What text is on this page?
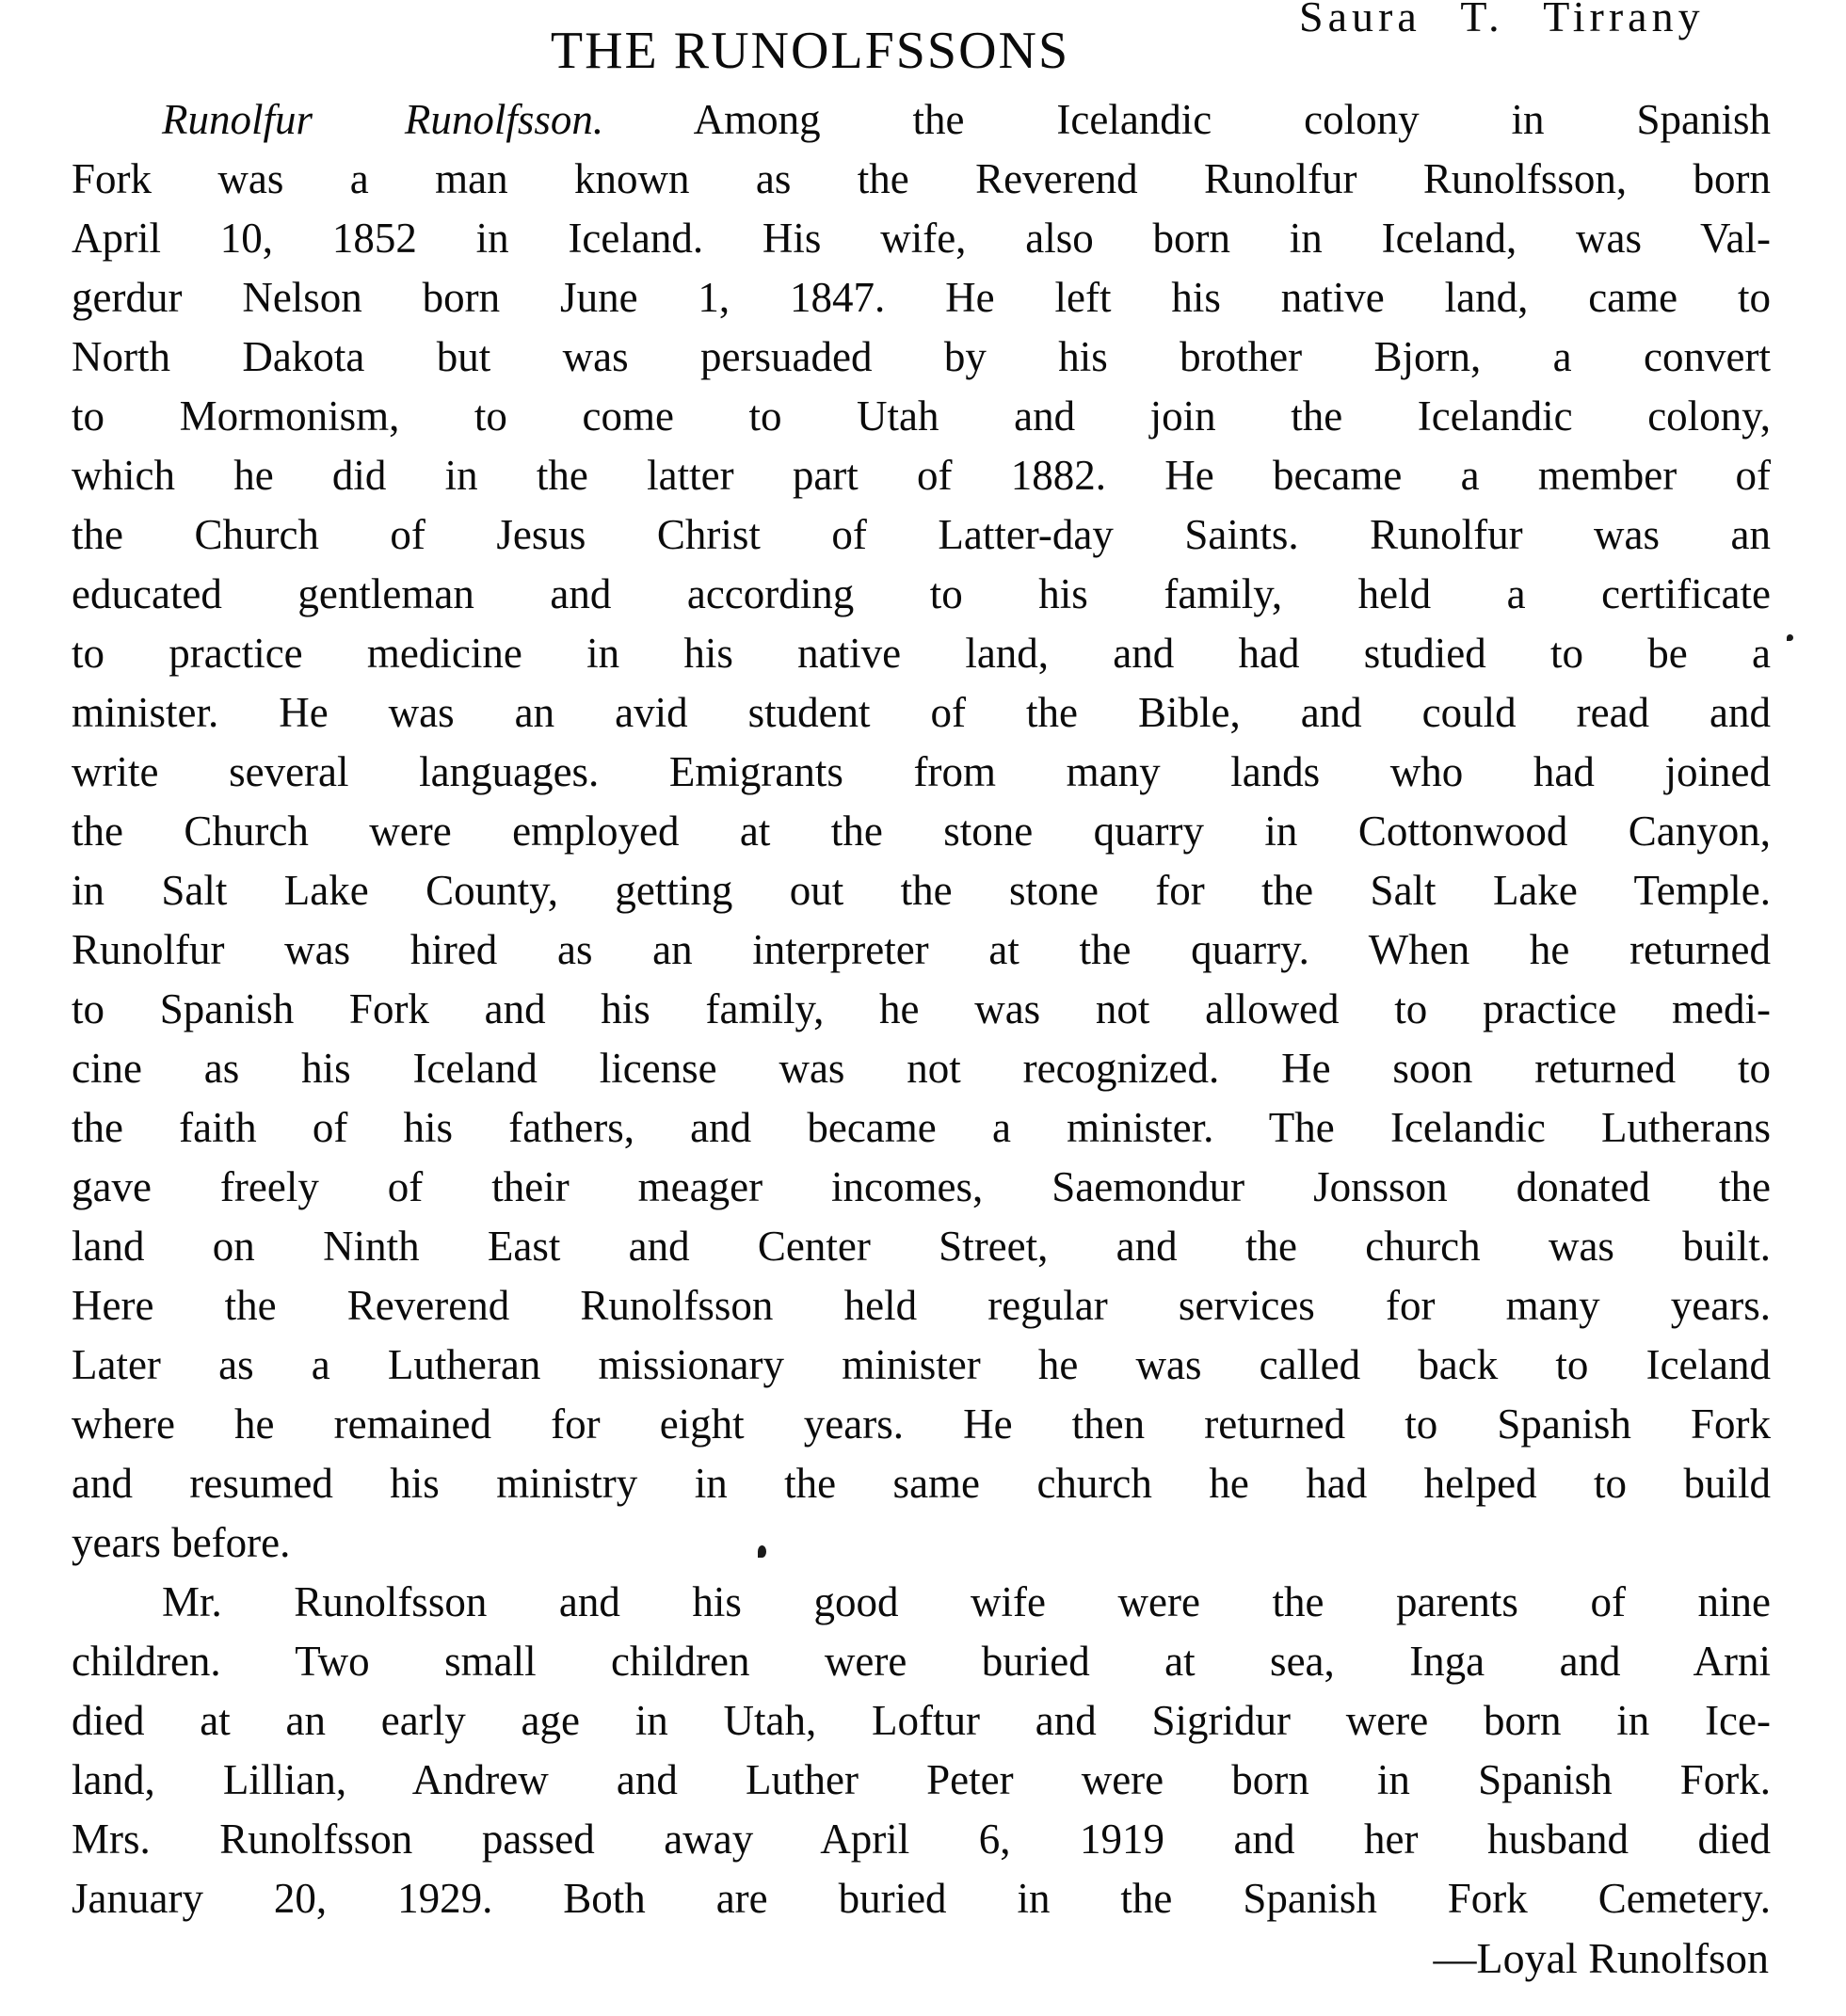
Saura T. Tirrany
THE RUNOLFSSONS
Runolfur Runolfsson. Among the Icelandic colony in Spanish
Fork was a man known as the Reverend Runolfur Runolfsson, born
April 10, 1852 in Iceland. His wife, also born in Iceland, was Val-
gerdur Nelson born June 1, 1847. He left his native land, came to
North Dakota but was persuaded by his brother Bjorn, a convert
to Mormonism, to come to Utah and join the Icelandic colony,
which he did in the latter part of 1882. He became a member of
the Church of Jesus Christ of Latter-day Saints. Runolfur was an
educated gentleman and according to his family, held a certificate
to practice medicine in his native land, and had studied to be a
minister. He was an avid student of the Bible, and could read and
write several languages. Emigrants from many lands who had joined
the Church were employed at the stone quarry in Cottonwood Canyon,
in Salt Lake County, getting out the stone for the Salt Lake Temple.
Runolfur was hired as an interpreter at the quarry. When he returned
to Spanish Fork and his family, he was not allowed to practice medi-
cine as his Iceland license was not recognized. He soon returned to
the faith of his fathers, and became a minister. The Icelandic Lutherans
gave freely of their meager incomes, Saemondur Jonsson donated the
land on Ninth East and Center Street, and the church was built.
Here the Reverend Runolfsson held regular services for many years.
Later as a Lutheran missionary minister he was called back to Iceland
where he remained for eight years. He then returned to Spanish Fork
and resumed his ministry in the same church he had helped to build
years before.
Mr. Runolfsson and his good wife were the parents of nine
children. Two small children were buried at sea, Inga and Arni
died at an early age in Utah, Loftur and Sigridur were born in Ice-
land, Lillian, Andrew and Luther Peter were born in Spanish Fork.
Mrs. Runolfsson passed away April 6, 1919 and her husband died
January 20, 1929. Both are buried in the Spanish Fork Cemetery.
—Loyal Runolfson
